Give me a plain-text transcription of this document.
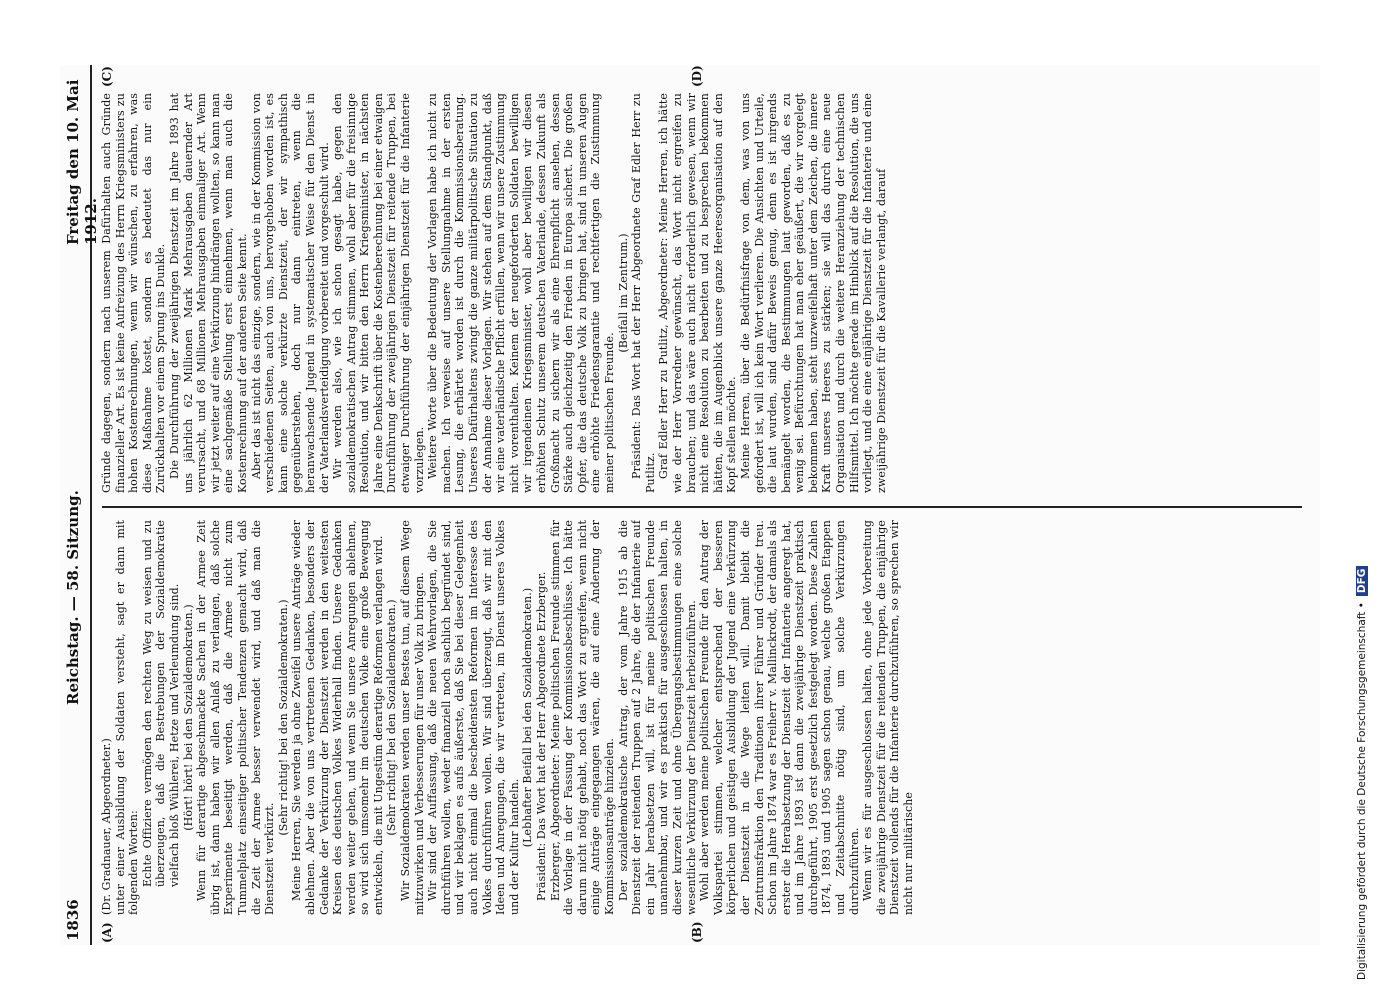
1836
Reichstag. — 58. Sitzung.
Freitag den 10. Mai 1912.
(A)	(B)
(C)	(D)

(Dr. Gradnauer, Abgeordneter.) unter einer Ausbildung der Soldaten versteht, sagt er dann mit folgenden Worten: Echte Offiziere vermögen den rechten Weg zu weisen und zu überzeugen, daß die Bestrebungen der Sozialdemokratie vielfach bloß Wühlerei, Hetze und Verleumdung sind. (Hört! hört! bei den Sozialdemokraten.) Wenn für derartige abgeschmackte Sachen in der Armee Zeit übrig ist, dann haben wir allen Anlaß zu verlangen, daß solche Experimente beseitigt werden, daß die Armee nicht zum Tummelplatz einseitiger politischer Tendenzen gemacht wird, daß die Zeit der Armee besser verwendet wird, und daß man die Dienstzeit verkürzt.

(Sehr richtig! bei den Sozialdemokraten.) Meine Herren, Sie werden ja ohne Zweifel unsere Anträge wieder ablehnen. Aber die von uns vertretenen Gedanken, besonders der Gedanke der Verkürzung der Dienstzeit werden in den weitesten Kreisen des deutschen Volkes Widerhall finden. Unsere Gedanken werden weiter gehen, und wenn Sie unsere Anregungen ablehnen, so wird sich umsomehr im deutschen Volke eine große Bewegung entwickeln, die mit Ungestüm derartige Reformen verlangen wird. (Sehr richtig! bei den Sozialdemokraten.) Wir Sozialdemokraten werden unser Bestes tun, auf diesem Wege mitzuwirken und Verbesserungen für unser Volk zu bringen. Wir sind der Auffassung, daß die neuen Wehrvorlagen, die Sie durchführen wollen, weder finanziell noch sachlich begründet sind, und wir beklagen es aufs äußerste, daß Sie bei dieser Gelegenheit auch nicht einmal die bescheidensten Reformen im Interesse des Volkes durchführen wollen. Wir sind überzeugt, daß wir mit den Ideen und Anregungen, die wir vertreten, im Dienst unseres Volkes und der Kultur handeln. (Lebhafter Beifall bei den Sozialdemokraten.) Präsident: Das Wort hat der Herr Abgeordnete Erzberger. Erzberger, Abgeordneter: Meine politischen Freunde stimmen für die Vorlage in der Fassung der Kommissionsbeschlüsse. Ich hätte darum nicht nötig gehabt, noch das Wort zu ergreifen, wenn nicht einige Anträge eingegangen wären, die auf eine Änderung der Kommissionsanträge hinzielen. Der sozialdemokratische Antrag, der vom Jahre 1915 ab die Dienstzeit der reitenden Truppen auf 2 Jahre, die der Infanterie auf ein Jahr herabsetzen will, ist für meine politischen Freunde unannehmbar, und wir es praktisch für ausgeschlossen halten, in dieser kurzen Zeit und ohne Übergangsbestimmungen eine solche wesentliche Verkürzung der Dienstzeit herbeizuführen. Wohl aber werden meine politischen Freunde für den Antrag der Volkspartei stimmen, welcher entsprechend der besseren körperlichen und geistigen Ausbildung der Jugend eine Verkürzung der Dienstzeit in die Wege leiten will. Damit bleibt die Zentrumsfraktion den Traditionen ihrer Führer und Gründer treu. Schon im Jahre 1874 war es Freiherr v. Mallinckrodt, der damals als erster die Herabsetzung der Dienstzeit der Infanterie angeregt hat, und im Jahre 1893 ist dann die zweijährige Dienstzeit praktisch durchgeführt, 1905 erst gesetzlich festgelegt worden. Diese Zahlen 1874, 1893 und 1905 sagen schon genau, welche großen Etappen und Zeitabschnitte nötig sind, um solche Verkürzungen durchzuführen. Wenn wir es für ausgeschlossen halten, ohne jede Vorbereitung die zweijährige Dienstzeit für die reitenden Truppen, die einjährige Dienstzeit vollends für die Infanterie durchzuführen, so sprechen wir nicht nur militärische

Gründe dagegen, sondern nach unserem Dafürhalten auch Gründe finanzieller Art. Es ist keine Aufreizung des Herrn Kriegsministers zu hohen Kostenrechnungen, wenn wir wünschen, zu erfahren, was diese Maßnahme kostet, sondern es bedeutet das nur ein Zurückhalten vor einem Sprung ins Dunkle. Die Durchführung der zweijährigen Dienstzeit im Jahre 1893 hat uns jährlich 62 Millionen Mark Mehrausgaben dauernder Art verursacht, und 68 Millionen Mehrausgaben einmaliger Art. Wenn wir jetzt weiter auf eine Verkürzung hindrängen wollten, so kann man eine sachgemäße Stellung erst einnehmen, wenn man auch die Kostenrechnung auf der anderen Seite kennt. Aber das ist nicht das einzige, sondern, wie in der Kommission von verschiedenen Seiten, auch von uns, hervorgehoben worden ist, es kann eine solche verkürzte Dienstzeit, der wir sympathisch gegenüberstehen, doch nur dann eintreten, wenn die heranwachsende Jugend in systematischer Weise für den Dienst in der Vaterlandsverteidigung vorbereitet und vorgeschult wird. Wir werden also, wie ich schon gesagt habe, gegen den sozialdemokratischen Antrag stimmen, wohl aber für die freisinnige Resolution, und wir bitten den Herrn Kriegsminister, in nächsten Jahre eine Denkschrift über die Kostenberechnung bei einer etwaigen Durchführung der zweijährigen Dienstzeit für reitende Truppen, bei etwaiger Durchführung der einjährigen Dienstzeit für die Infanterie vorzulegen. Weitere Worte über die Bedeutung der Vorlagen habe ich nicht zu machen. Ich verweise auf unsere Stellungnahme in der ersten Lesung, die erhärtet worden ist durch die Kommissionsberatung. Unseres Dafürhaltens zwingt die ganze militärpolitische Situation zu der Annahme dieser Vorlagen. Wir stehen auf dem Standpunkt, daß wir eine vaterländische Pflicht erfüllen, wenn wir unsere Zustimmung nicht vorenthalten. Keinem der neugeforderten Soldaten bewilligen wir irgendeinen Kriegsminister, wohl aber bewilligen wir diesen erhöhten Schutz unserem deutschen Vaterlande, dessen Zukunft als Großmacht zu sichern wir als eine Ehrenpflicht ansehen, dessen Stärke auch gleichzeitig den Frieden in Europa sichert. Die großen Opfer, die das deutsche Volk zu bringen hat, sind in unseren Augen eine erhöhte Friedensgarantie und rechtfertigen die Zustimmung meiner politischen Freunde.

(Beifall im Zentrum.) Präsident: Das Wort hat der Herr Abgeordnete Graf Edler Herr zu Putlitz. Graf Edler Herr zu Putlitz, Abgeordneter: Meine Herren, ich hätte wie der Herr Vorredner gewünscht, das Wort nicht ergreifen zu brauchen; und das wäre auch nicht erforderlich gewesen, wenn wir nicht eine Resolution zu bearbeiten und zu besprechen bekommen hätten, die im Augenblick unsere ganze Heeresorganisation auf den Kopf stellen möchte. Meine Herren, über die Bedürfnisfrage von dem, was von uns gefordert ist, will ich kein Wort verlieren. Die Ansichten und Urteile, die laut wurden, sind dafür Beweis genug, denn es ist nirgends bemängelt worden, die Bestimmungen laut geworden, daß es zu wenig sei. Befürchtungen hat man eher geäußert, die wir vorgelegt bekommen haben, steht unzweifelhaft unter dem Zeichen, die innere Kraft unseres Heeres zu stärken; sie will das durch eine neue Organisation und durch die weitere Heranziehung der technischen Hilfsmittel. Ich möchte gerade im Hinblick auf die Resolution, die uns vorliegt, und die eine einjährige Dienstzeit für die Infanterie und eine zweijährige Dienstzeit für die Kavallerie verlangt, darauf

Digitalisierung gefördert durch die Deutsche Forschungsgemeinschaft •DFG
